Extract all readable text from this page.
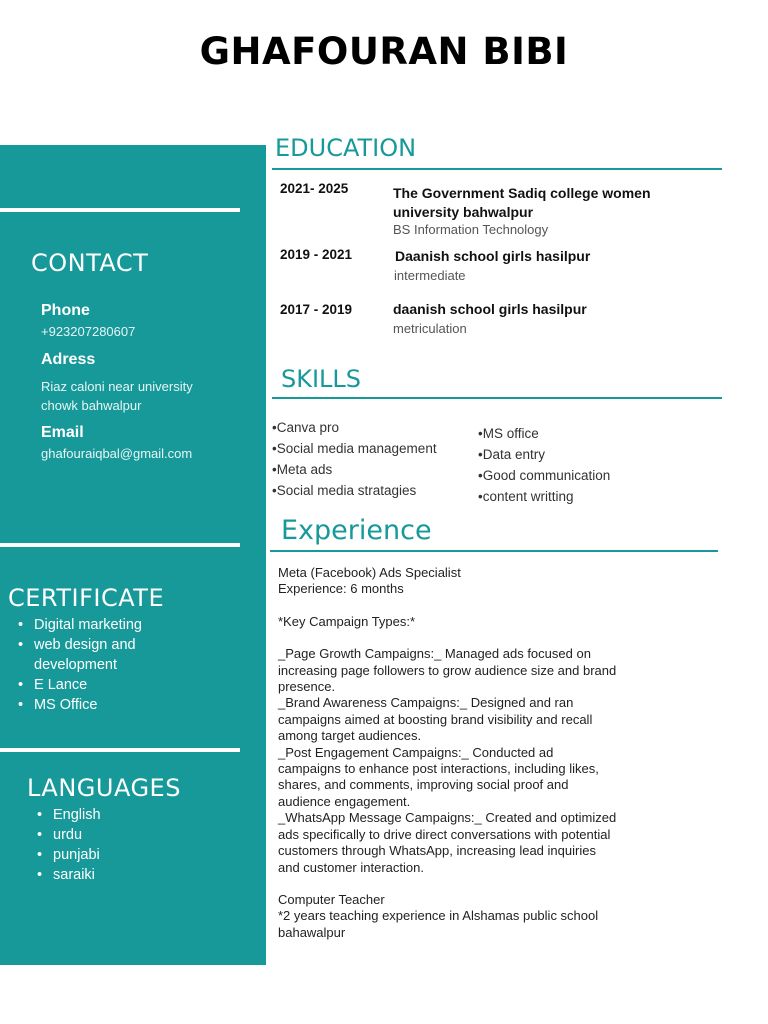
GHAFOURAN BIBI
CONTACT
Phone
+923207280607
Adress
Riaz caloni near university
chowk bahwalpur
Email
ghafouraiqbal@gmail.com
CERTIFICATE
• Digital marketing
• web design and development
• E Lance
• MS Office
LANGUAGES
• English
• urdu
• punjabi
• saraiki
EDUCATION
2021- 2025	The Government Sadiq college women university bahwalpur
BS Information Technology
2019 - 2021	Daanish school girls hasilpur
intermediate
2017 - 2019	daanish school girls hasilpur
metriculation
SKILLS
•Canva pro
•Social media management
•Meta ads
•Social media stratagies
•MS office
•Data entry
•Good communication
•content writting
Experience

Meta (Facebook) Ads Specialist

Experience: 6 months

*Key Campaign Types:*

_Page Growth Campaigns:_ Managed ads focused on increasing page followers to grow audience size and brand presence.

_Brand Awareness Campaigns:_ Designed and ran campaigns aimed at boosting brand visibility and recall among target audiences.

_Post Engagement Campaigns:_ Conducted ad campaigns to enhance post interactions, including likes, shares, and comments, improving social proof and audience engagement.

_WhatsApp Message Campaigns:_ Created and optimized ads specifically to drive direct conversations with potential customers through WhatsApp, increasing lead inquiries and customer interaction.

Computer Teacher

*2 years teaching experience in Alshamas public school bahawalpur
